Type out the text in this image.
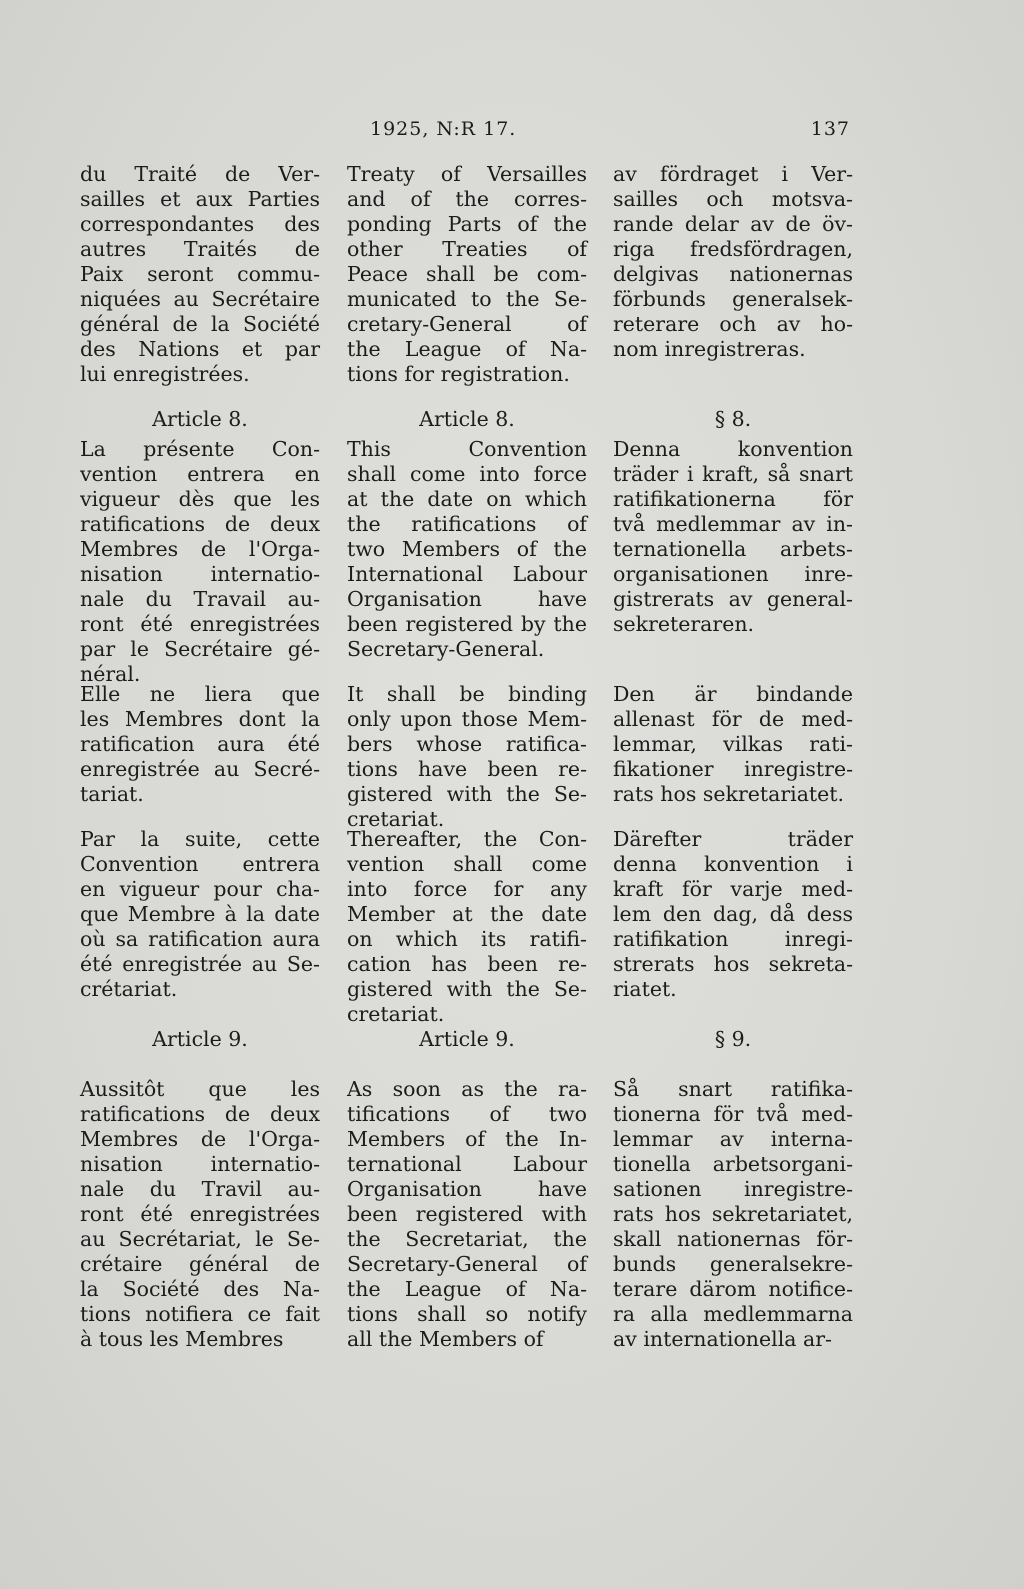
1925, N:R 17.	137
du Traité de Ver-
sailles et aux Parties
correspondantes des
autres Traités de
Paix seront commu-
niquées au Secrétaire
général de la Société
des Nations et par
lui enregistrées.
Article 8.
La présente Con-
vention entrera en
vigueur dès que les
ratifications de deux
Membres de l'Orga-
nisation internatio-
nale du Travail au-
ront été enregistrées
par le Secrétaire gé-
néral.
Elle ne liera que
les Membres dont la
ratification aura été
enregistrée au Secré-
tariat.
Par la suite, cette
Convention entrera
en vigueur pour cha-
que Membre à la date
où sa ratification aura
été enregistrée au Se-
crétariat.
Article 9.
Aussitôt que les
ratifications de deux
Membres de l'Orga-
nisation internatio-
nale du Travil au-
ront été enregistrées
au Secrétariat, le Se-
crétaire général de
la Société des Na-
tions notifiera ce fait
à tous les Membres
Treaty of Versailles
and of the corres-
ponding Parts of the
other Treaties of
Peace shall be com-
municated to the Se-
cretary-General of
the League of Na-
tions for registration.
Article 8.
This Convention
shall come into force
at the date on which
the ratifications of
two Members of the
International Labour
Organisation have
been registered by the
Secretary-General.
It shall be binding
only upon those Mem-
bers whose ratifica-
tions have been re-
gistered with the Se-
cretariat.
Thereafter, the Con-
vention shall come
into force for any
Member at the date
on which its ratifi-
cation has been re-
gistered with the Se-
cretariat.
Article 9.
As soon as the ra-
tifications of two
Members of the In-
ternational Labour
Organisation have
been registered with
the Secretariat, the
Secretary-General of
the League of Na-
tions shall so notify
all the Members of
av fördraget i Ver-
sailles och motsva-
rande delar av de öv-
riga fredsfördragen,
delgivas nationernas
förbunds generalsek-
reterare och av ho-
nom inregistreras.
§ 8.
Denna konvention
träder i kraft, så snart
ratifikationerna för
två medlemmar av in-
ternationella arbets-
organisationen inre-
gistrerats av general-
sekreteraren.
Den är bindande
allenast för de med-
lemmar, vilkas rati-
fikationer inregistre-
rats hos sekretariatet.
Därefter träder
denna konvention i
kraft för varje med-
lem den dag, då dess
ratifikation inregi-
strerats hos sekreta-
riatet.
§ 9.
Så snart ratifika-
tionerna för två med-
lemmar av interna-
tionella arbetsorgani-
sationen inregistre-
rats hos sekretariatet,
skall nationernas för-
bunds generalsekre-
terare därom notifice-
ra alla medlemmarna
av internationella ar-
